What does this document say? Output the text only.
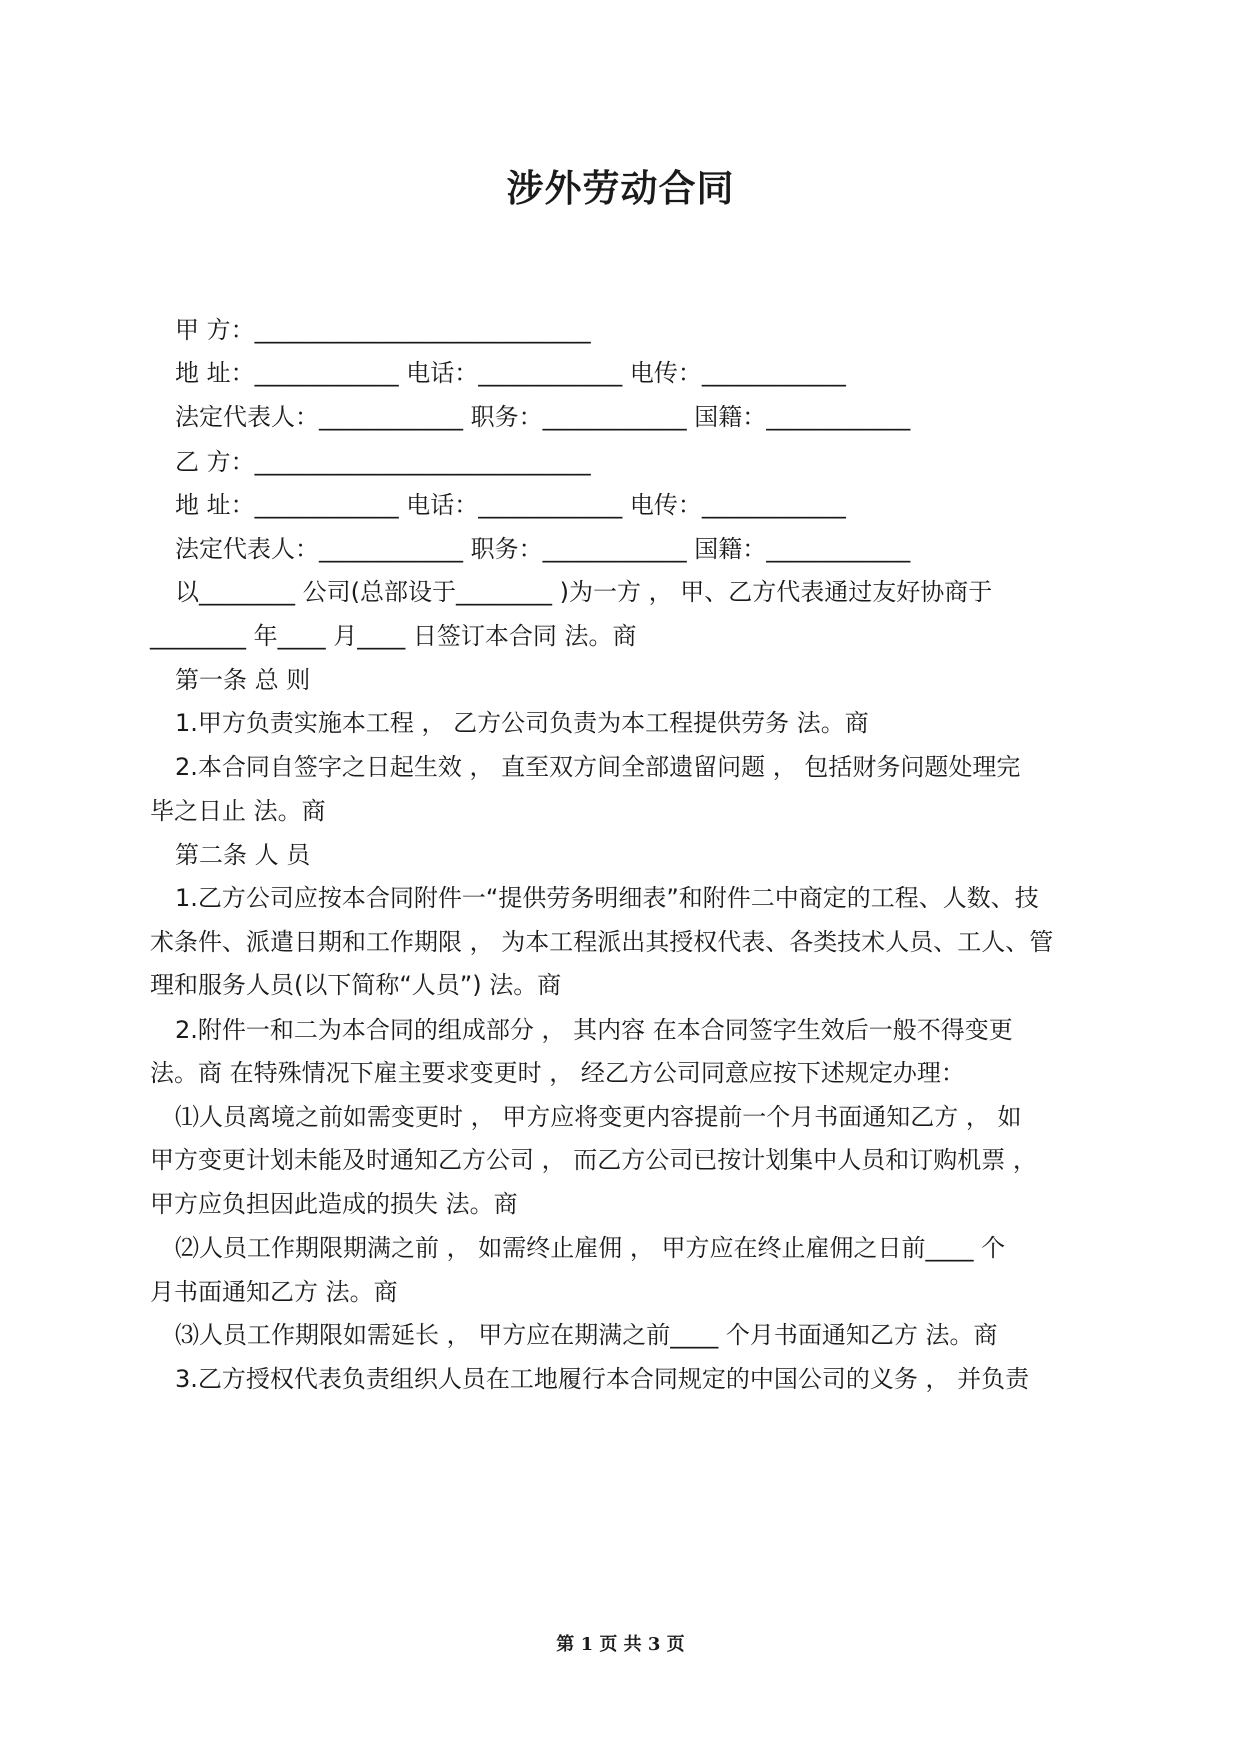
涉外劳动合同
甲 方：____________________________
地 址：____________ 电话：____________ 电传：____________
法定代表人：____________ 职务：____________ 国籍：____________
乙 方：____________________________
地 址：____________ 电话：____________ 电传：____________
法定代表人：____________ 职务：____________ 国籍：____________
以________ 公司(总部设于________ )为一方 ， 甲、乙方代表通过友好协商于
________ 年____ 月____ 日签订本合同 法。商
第一条 总 则
1.甲方负责实施本工程 ， 乙方公司负责为本工程提供劳务 法。商
2.本合同自签字之日起生效 ， 直至双方间全部遗留问题 ， 包括财务问题处理完
毕之日止 法。商
第二条 人 员
1.乙方公司应按本合同附件一“提供劳务明细表”和附件二中商定的工程、人数、技
术条件、派遣日期和工作期限 ， 为本工程派出其授权代表、各类技术人员、工人、管
理和服务人员(以下简称“人员”) 法。商
2.附件一和二为本合同的组成部分 ， 其内容 在本合同签字生效后一般不得变更
法。商 在特殊情况下雇主要求变更时 ， 经乙方公司同意应按下述规定办理：
⑴人员离境之前如需变更时 ， 甲方应将变更内容提前一个月书面通知乙方 ， 如
甲方变更计划未能及时通知乙方公司 ， 而乙方公司已按计划集中人员和订购机票 ，
甲方应负担因此造成的损失 法。商
⑵人员工作期限期满之前 ， 如需终止雇佣 ， 甲方应在终止雇佣之日前____ 个
月书面通知乙方 法。商
⑶人员工作期限如需延长 ， 甲方应在期满之前____ 个月书面通知乙方 法。商
3.乙方授权代表负责组织人员在工地履行本合同规定的中国公司的义务 ， 并负责
第 1 页 共 3 页
